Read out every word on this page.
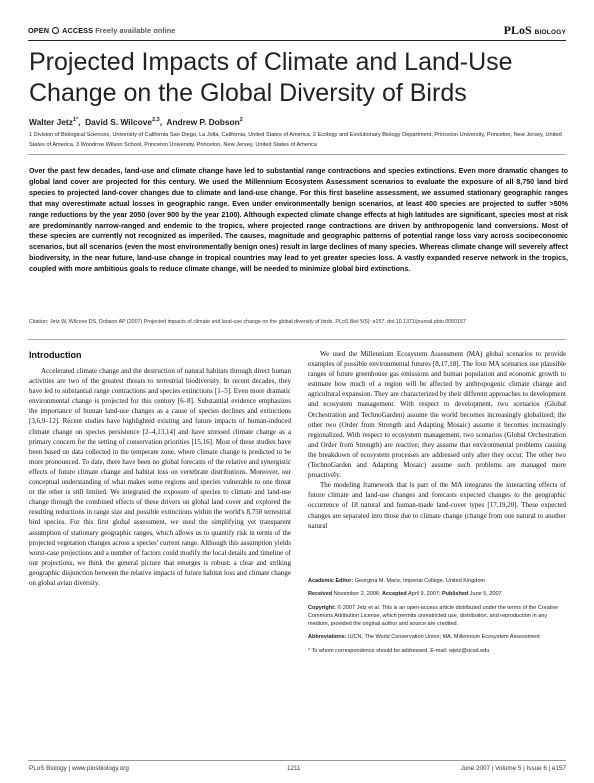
OPEN ACCESS Freely available online	PLoS BIOLOGY
Projected Impacts of Climate and Land-Use Change on the Global Diversity of Birds
Walter Jetz$^{1*}$,  David S. Wilcove$^{2,3}$,  Andrew P. Dobson$^2$
1 Division of Biological Sciences, University of California San Diego, La Jolla, California, United States of America, 2 Ecology and Evolutionary Biology Department, Princeton University, Princeton, New Jersey, United States of America, 3 Woodrow Wilson School, Princeton University, Princeton, New Jersey, United States of America

Over the past few decades, land-use and climate change have led to substantial range contractions and species extinctions. Even more dramatic changes to global land cover are projected for this century. We used the Millennium Ecosystem Assessment scenarios to evaluate the exposure of all 8,750 land bird species to projected land-cover changes due to climate and land-use change. For this first baseline assessment, we assumed stationary geographic ranges that may overestimate actual losses in geographic range. Even under environmentally benign scenarios, at least 400 species are projected to suffer >50% range reductions by the year 2050 (over 900 by the year 2100). Although expected climate change effects at high latitudes are significant, species most at risk are predominantly narrow-ranged and endemic to the tropics, where projected range contractions are driven by anthropogenic land conversions. Most of these species are currently not recognized as imperiled. The causes, magnitude and geographic patterns of potential range loss vary across socioeconomic scenarios, but all scenarios (even the most environmentally benign ones) result in large declines of many species. Whereas climate change will severely affect biodiversity, in the near future, land-use change in tropical countries may lead to yet greater species loss. A vastly expanded reserve network in the tropics, coupled with more ambitious goals to reduce climate change, will be needed to minimize global bird extinctions.

Citation: Jetz W, Wilcove DS, Dobson AP (2007) Projected impacts of climate and land-use change on the global diversity of birds. PLoS Biol 5(6): e157. doi:10.1371/journal.pbio.0050157
Introduction

Accelerated climate change and the destruction of natural habitats through direct human activities are two of the greatest threats to terrestrial biodiversity. In recent decades, they have led to substantial range contractions and species extinctions [1–5]. Even more dramatic environmental change is projected for this century [6–8]. Substantial evidence emphasizes the importance of human land-use changes as a cause of species declines and extinctions [3,6,9–12]. Recent studies have highlighted existing and future impacts of human-induced climate change on species persistence [2–4,13,14] and have stressed climate change as a primary concern for the setting of conservation priorities [15,16]. Most of these studies have been based on data collected in the temperate zone, where climate change is predicted to be more pronounced. To date, there have been no global forecasts of the relative and synergistic effects of future climate change and habitat loss on vertebrate distributions. Moreover, our conceptual understanding of what makes some regions and species vulnerable to one threat or the other is still limited. We integrated the exposure of species to climate and land-use change through the combined effects of these drivers on global land cover and explored the resulting reductions in range size and possible extinctions within the world's 8,750 terrestrial bird species. For this first global assessment, we used the simplifying yet transparent assumption of stationary geographic ranges, which allows us to quantify risk in terms of the projected vegetation changes across a species' current range. Although this assumption yields worst-case projections and a number of factors could modify the local details and timeline of our projections, we think the general picture that emerges is robust: a clear and striking geographic disjunction between the relative impacts of future habitat loss and climate change on global avian diversity.

We used the Millennium Ecosystem Assessment (MA) global scenarios to provide examples of possible environmental futures [8,17,18]. The four MA scenarios use plausible ranges of future greenhouse gas emissions and human population and economic growth to estimate how much of a region will be affected by anthropogenic climate change and agricultural expansion. They are characterized by their different approaches to development and ecosystem management. With respect to development, two scenarios (Global Orchestration and TechnoGarden) assume the world becomes increasingly globalized; the other two (Order from Strength and Adapting Mosaic) assume it becomes increasingly regionalized. With respect to ecosystem management, two scenarios (Global Orchestration and Order from Strength) are reactive; they assume that environmental problems causing the breakdown of ecosystem processes are addressed only after they occur. The other two (TechnoGarden and Adapting Mosaic) assume such problems are managed more proactively.

The modeling framework that is part of the MA integrates the interacting effects of future climate and land-use changes and forecasts expected changes to the geographic occurrence of 18 natural and human-made land-cover types [17,19,20]. These expected changes are separated into those due to climate change (change from one natural to another natural

Academic Editor: Georgina M. Mace, Imperial College, United Kingdom

Received November 2, 2006; Accepted April 9, 2007; Published June 5, 2007

Copyright: © 2007 Jetz et al. This is an open-access article distributed under the terms of the Creative Commons Attribution License, which permits unrestricted use, distribution, and reproduction in any medium, provided the original author and source are credited.

Abbreviations: IUCN, The World Conservation Union; MA, Millennium Ecosystem Assessment

* To whom correspondence should be addressed. E-mail: wjetz@ucsd.edu

PLoS Biology | www.plosbiology.org	1211	June 2007 | Volume 5 | Issue 6 | e157
